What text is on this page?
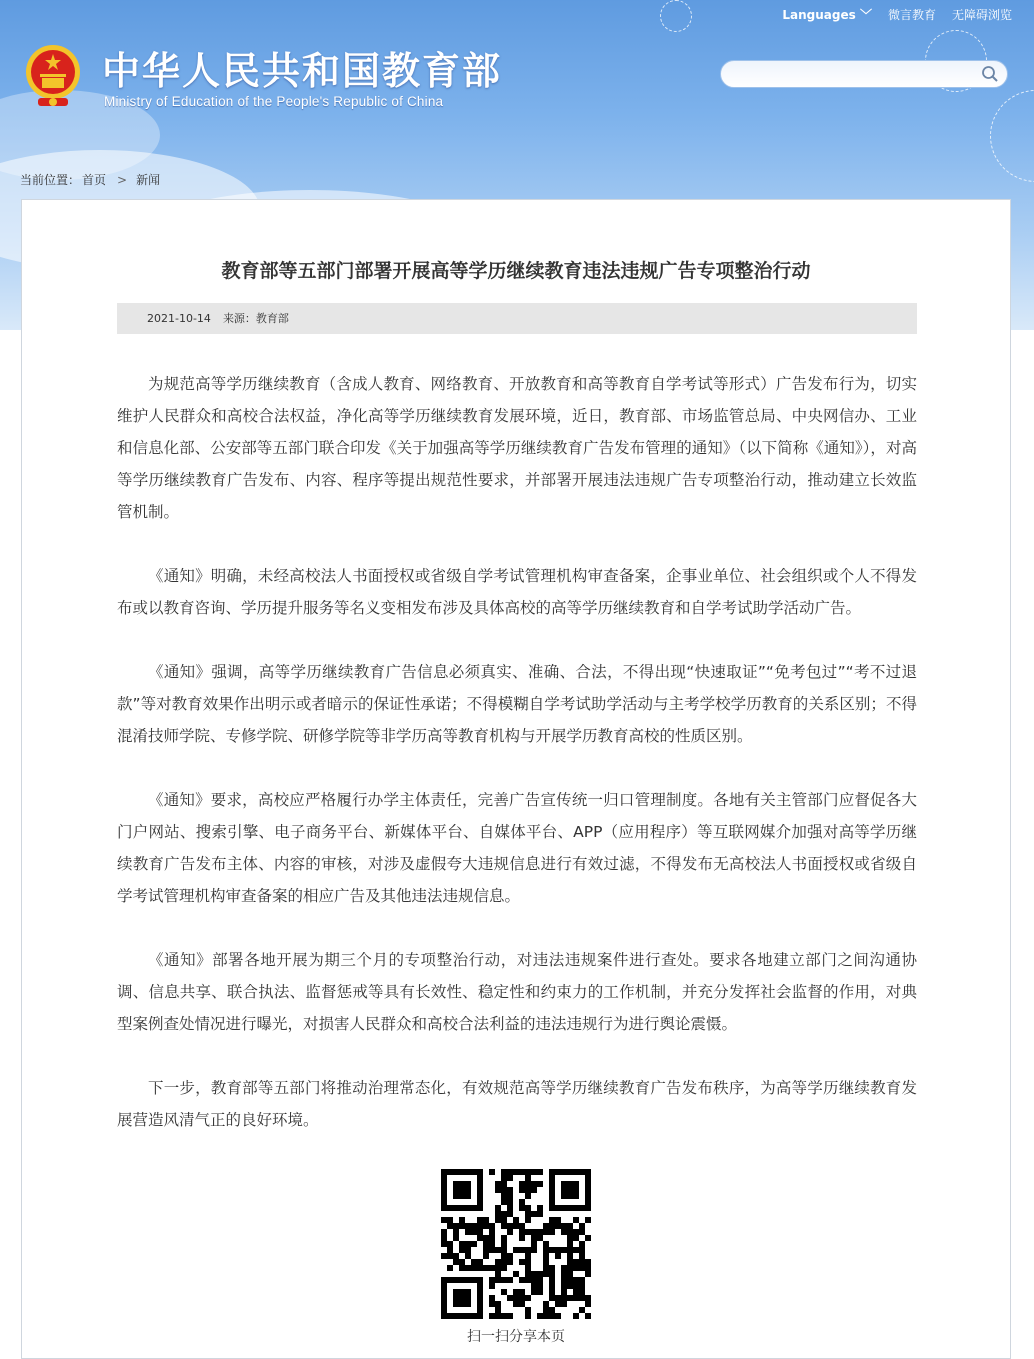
Languages ﹀ 微言教育 无障碍浏览
中华人民共和国教育部
Ministry of Education of the People's Republic of China
当前位置： 首页 > 新闻
教育部等五部门部署开展高等学历继续教育违法违规广告专项整治行动
2021-10-14 来源：教育部

为规范高等学历继续教育（含成人教育、网络教育、开放教育和高等教育自学考试等形式）广告发布行为，切实维护人民群众和高校合法权益，净化高等学历继续教育发展环境，近日，教育部、市场监管总局、中央网信办、工业和信息化部、公安部等五部门联合印发《关于加强高等学历继续教育广告发布管理的通知》（以下简称《通知》），对高等学历继续教育广告发布、内容、程序等提出规范性要求，并部署开展违法违规广告专项整治行动，推动建立长效监管机制。

《通知》明确，未经高校法人书面授权或省级自学考试管理机构审查备案，企事业单位、社会组织或个人不得发布或以教育咨询、学历提升服务等名义变相发布涉及具体高校的高等学历继续教育和自学考试助学活动广告。

《通知》强调，高等学历继续教育广告信息必须真实、准确、合法，不得出现“快速取证”“免考包过”“考不过退款”等对教育效果作出明示或者暗示的保证性承诺；不得模糊自学考试助学活动与主考学校学历教育的关系区别；不得混淆技师学院、专修学院、研修学院等非学历高等教育机构与开展学历教育高校的性质区别。

《通知》要求，高校应严格履行办学主体责任，完善广告宣传统一归口管理制度。各地有关主管部门应督促各大门户网站、搜索引擎、电子商务平台、新媒体平台、自媒体平台、APP（应用程序）等互联网媒介加强对高等学历继续教育广告发布主体、内容的审核，对涉及虚假夸大违规信息进行有效过滤，不得发布无高校法人书面授权或省级自学考试管理机构审查备案的相应广告及其他违法违规信息。

《通知》部署各地开展为期三个月的专项整治行动，对违法违规案件进行查处。要求各地建立部门之间沟通协调、信息共享、联合执法、监督惩戒等具有长效性、稳定性和约束力的工作机制，并充分发挥社会监督的作用，对典型案例查处情况进行曝光，对损害人民群众和高校合法利益的违法违规行为进行舆论震慑。

下一步，教育部等五部门将推动治理常态化，有效规范高等学历继续教育广告发布秩序，为高等学历继续教育发展营造风清气正的良好环境。

扫一扫分享本页
